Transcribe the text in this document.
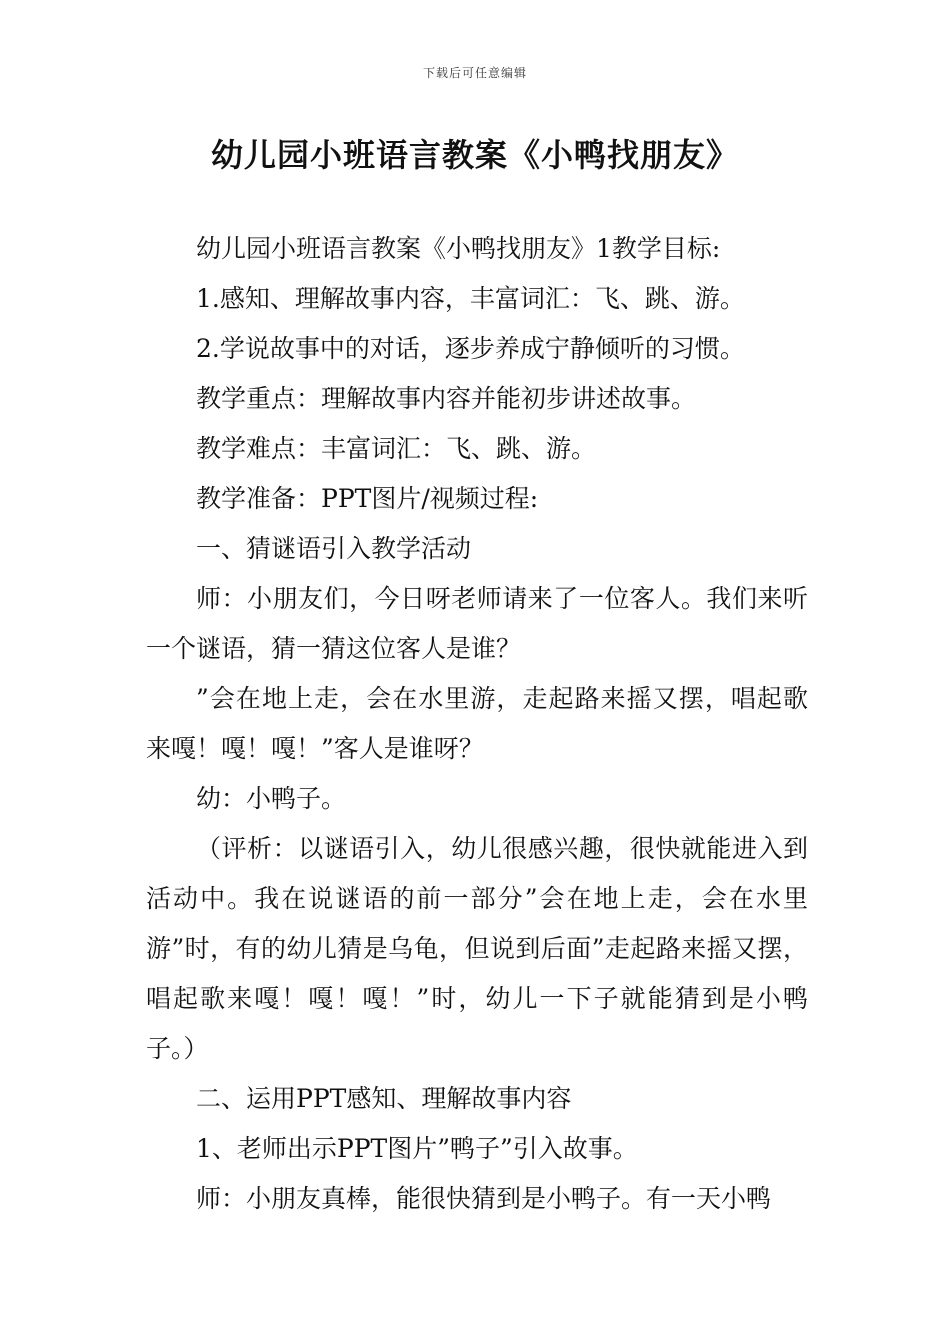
下载后可任意编辑
幼儿园小班语言教案《小鸭找朋友》

幼儿园小班语言教案《小鸭找朋友》1教学目标:

1.感知、理解故事内容，丰富词汇：飞、跳、游。

2.学说故事中的对话，逐步养成宁静倾听的习惯。

教学重点：理解故事内容并能初步讲述故事。

教学难点：丰富词汇：飞、跳、游。

教学准备：PPT图片/视频过程:

一、猜谜语引入教学活动

师：小朋友们，今日呀老师请来了一位客人。我们来听一个谜语，猜一猜这位客人是谁？

”会在地上走，会在水里游，走起路来摇又摆，唱起歌来嘎！嘎！嘎！”客人是谁呀？

幼：小鸭子。

（评析：以谜语引入，幼儿很感兴趣，很快就能进入到活动中。我在说谜语的前一部分”会在地上走，会在水里游”时，有的幼儿猜是乌龟，但说到后面”走起路来摇又摆，唱起歌来嘎！嘎！嘎！”时，幼儿一下子就能猜到是小鸭子。）

二、运用PPT感知、理解故事内容

1、老师出示PPT图片”鸭子”引入故事。

师：小朋友真棒，能很快猜到是小鸭子。有一天小鸭
